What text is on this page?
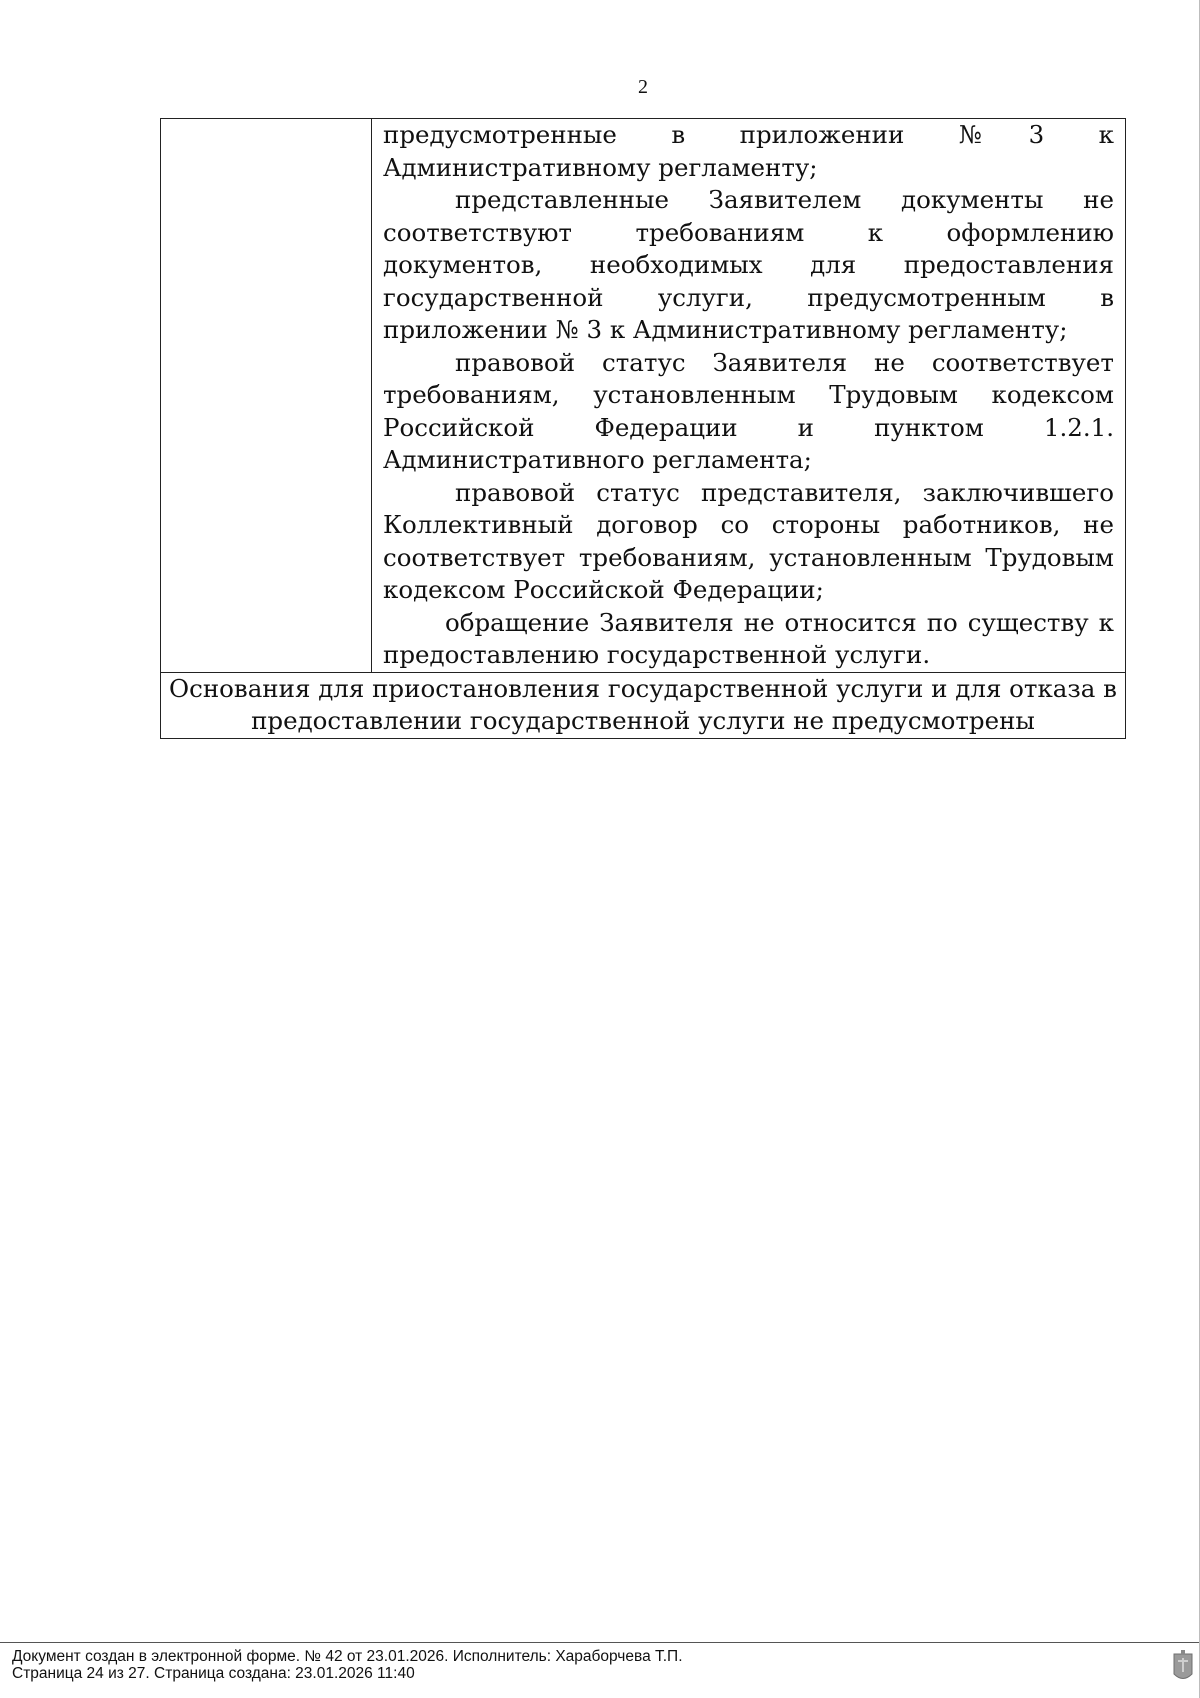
2

предусмотренные в приложении №3 к Административному регламенту;

представленные Заявителем документы не соответствуют требованиям к оформлению документов, необходимых для предоставления государственной услуги, предусмотренным в приложении № 3 к Административному регламенту;

правовой статус Заявителя не соответствует требованиям, установленным Трудовым кодексом Российской Федерации и пунктом 1.2.1. Административного регламента;

правовой статус представителя, заключившего Коллективный договор со стороны работников, не соответствует требованиям, установленным Трудовым кодексом Российской Федерации;

обращение Заявителя не относится по существу к предоставлению государственной услуги.

Основания для приостановления государственной услуги и для отказа в предоставлении государственной услуги не предусмотрены
Документ создан в электронной форме. № 42 от 23.01.2026. Исполнитель: Хараборчева Т.П.
Страница 24 из 27. Страница создана: 23.01.2026 11:40
